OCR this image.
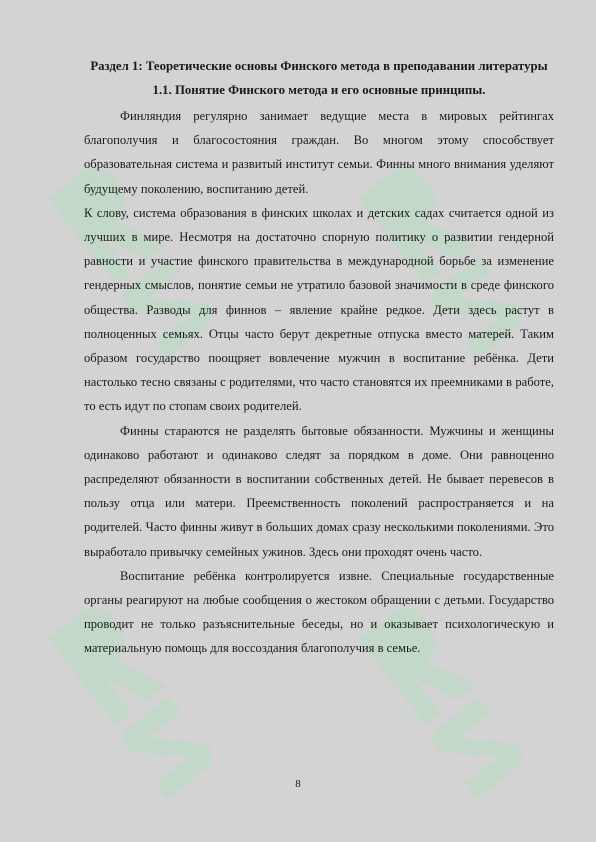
Раздел 1: Теоретические основы Финского метода в преподавании литературы

1.1. Понятие Финского метода и его основные принципы.

Финляндия регулярно занимает ведущие места в мировых рейтингах благополучия и благосостояния граждан. Во многом этому способствует образовательная система и развитый институт семьи. Финны много внимания уделяют будущему поколению, воспитанию детей.

К слову, система образования в финских школах и детских садах считается одной из лучших в мире. Несмотря на достаточно спорную политику о развитии гендерной равности и участие финского правительства в международной борьбе за изменение гендерных смыслов, понятие семьи не утратило базовой значимости в среде финского общества. Разводы для финнов – явление крайне редкое. Дети здесь растут в полноценных семьях. Отцы часто берут декретные отпуска вместо матерей. Таким образом государство поощряет вовлечение мужчин в воспитание ребёнка. Дети настолько тесно связаны с родителями, что часто становятся их преемниками в работе, то есть идут по стопам своих родителей.

Финны стараются не разделять бытовые обязанности. Мужчины и женщины одинаково работают и одинаково следят за порядком в доме. Они равноценно распределяют обязанности в воспитании собственных детей. Не бывает перевесов в пользу отца или матери. Преемственность поколений распространяется и на родителей. Часто финны живут в больших домах сразу несколькими поколениями. Это выработало привычку семейных ужинов. Здесь они проходят очень часто.

Воспитание ребёнка контролируется извне. Специальные государственные органы реагируют на любые сообщения о жестоком обращении с детьми. Государство проводит не только разъяснительные беседы, но и оказывает психологическую и материальную помощь для воссоздания благополучия в семье.

8
